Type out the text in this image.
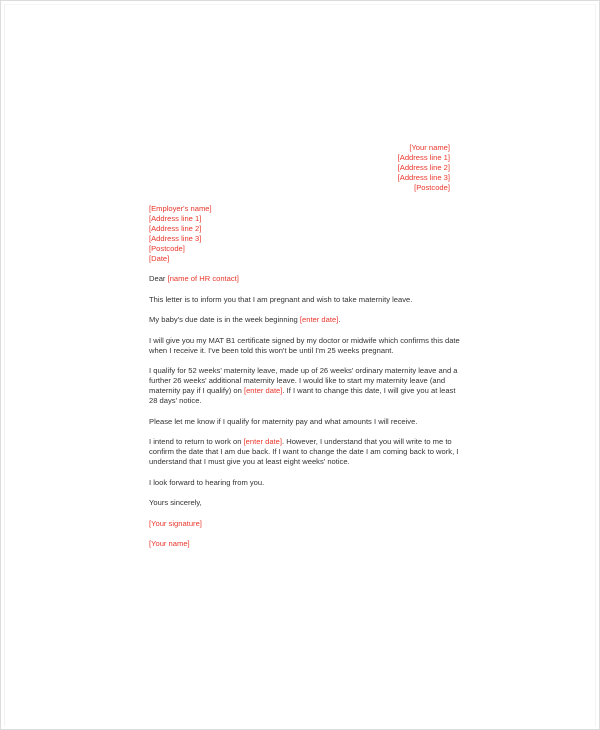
[Your name]
[Address line 1]
[Address line 2]
[Address line 3]
[Postcode]
[Employer's name]
[Address line 1]
[Address line 2]
[Address line 3]
[Postcode]
[Date]

Dear [name of HR contact]

This letter is to inform you that I am pregnant and wish to take maternity leave.

My baby's due date is in the week beginning [enter date].

I will give you my MAT B1 certificate signed by my doctor or midwife which confirms this date
when I receive it. I've been told this won't be until I'm 25 weeks pregnant.

I qualify for 52 weeks' maternity leave, made up of 26 weeks' ordinary maternity leave and a
further 26 weeks' additional maternity leave. I would like to start my maternity leave (and
maternity pay if I qualify) on [enter date]. If I want to change this date, I will give you at least
28 days' notice.

Please let me know if I qualify for maternity pay and what amounts I will receive.

I intend to return to work on [enter date]. However, I understand that you will write to me to
confirm the date that I am due back. If I want to change the date I am coming back to work, I
understand that I must give you at least eight weeks' notice.

I look forward to hearing from you.

Yours sincerely,

[Your signature]

[Your name]
